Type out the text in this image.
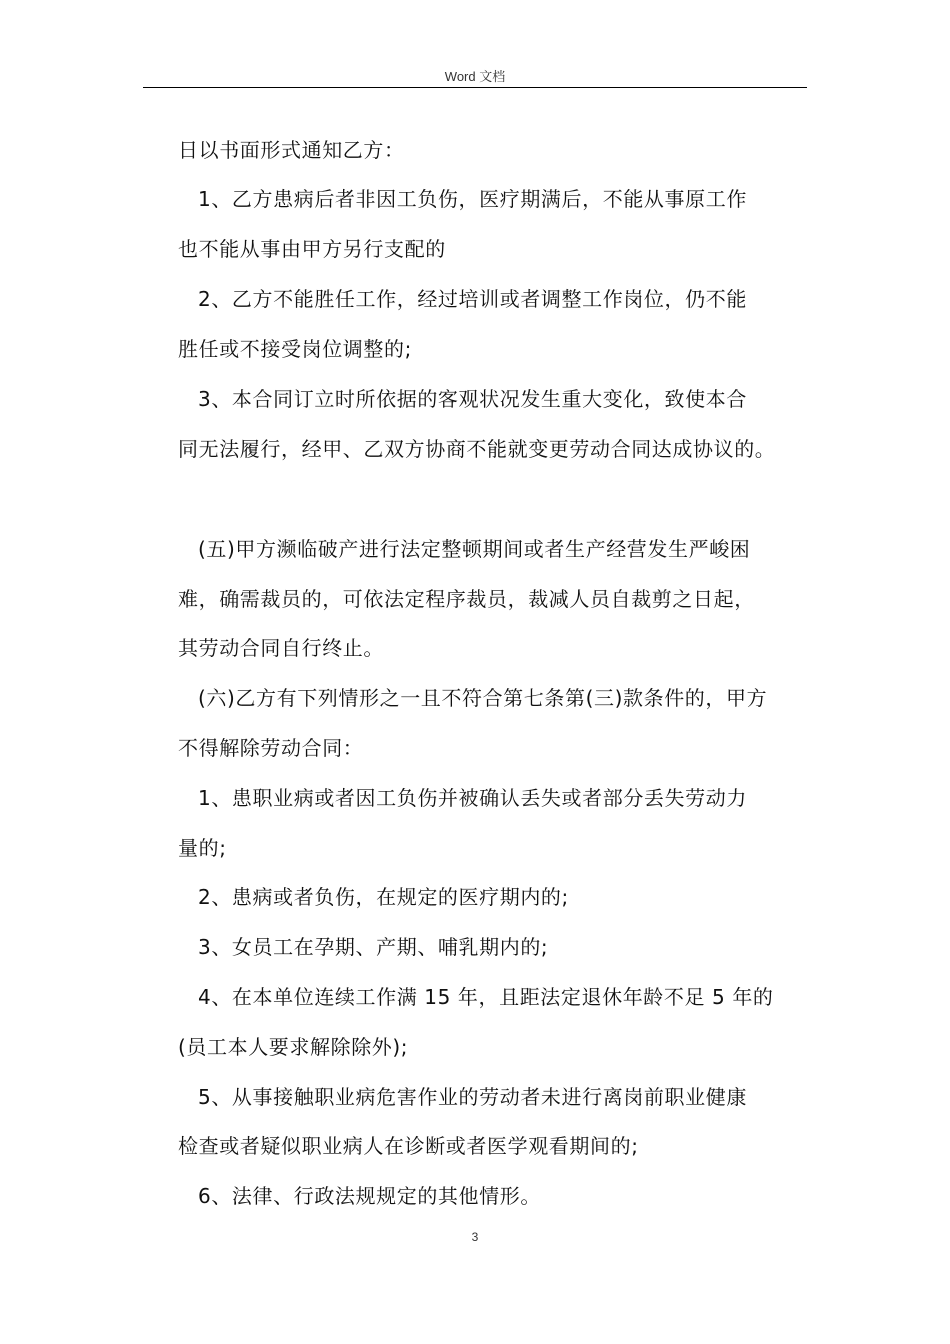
Word 文档
日以书面形式通知乙方：
1、乙方患病后者非因工负伤，医疗期满后，不能从事原工作
也不能从事由甲方另行支配的
2、乙方不能胜任工作，经过培训或者调整工作岗位，仍不能
胜任或不接受岗位调整的;
3、本合同订立时所依据的客观状况发生重大变化，致使本合
同无法履行，经甲、乙双方协商不能就变更劳动合同达成协议的。
(五)甲方濒临破产进行法定整顿期间或者生产经营发生严峻困
难，确需裁员的，可依法定程序裁员，裁减人员自裁剪之日起，
其劳动合同自行终止。
(六)乙方有下列情形之一且不符合第七条第(三)款条件的，甲方
不得解除劳动合同：
1、患职业病或者因工负伤并被确认丢失或者部分丢失劳动力
量的;
2、患病或者负伤，在规定的医疗期内的;
3、女员工在孕期、产期、哺乳期内的;
4、在本单位连续工作满 15 年，且距法定退休年龄不足 5 年的
(员工本人要求解除除外);
5、从事接触职业病危害作业的劳动者未进行离岗前职业健康
检查或者疑似职业病人在诊断或者医学观看期间的;
6、法律、行政法规规定的其他情形。
3
